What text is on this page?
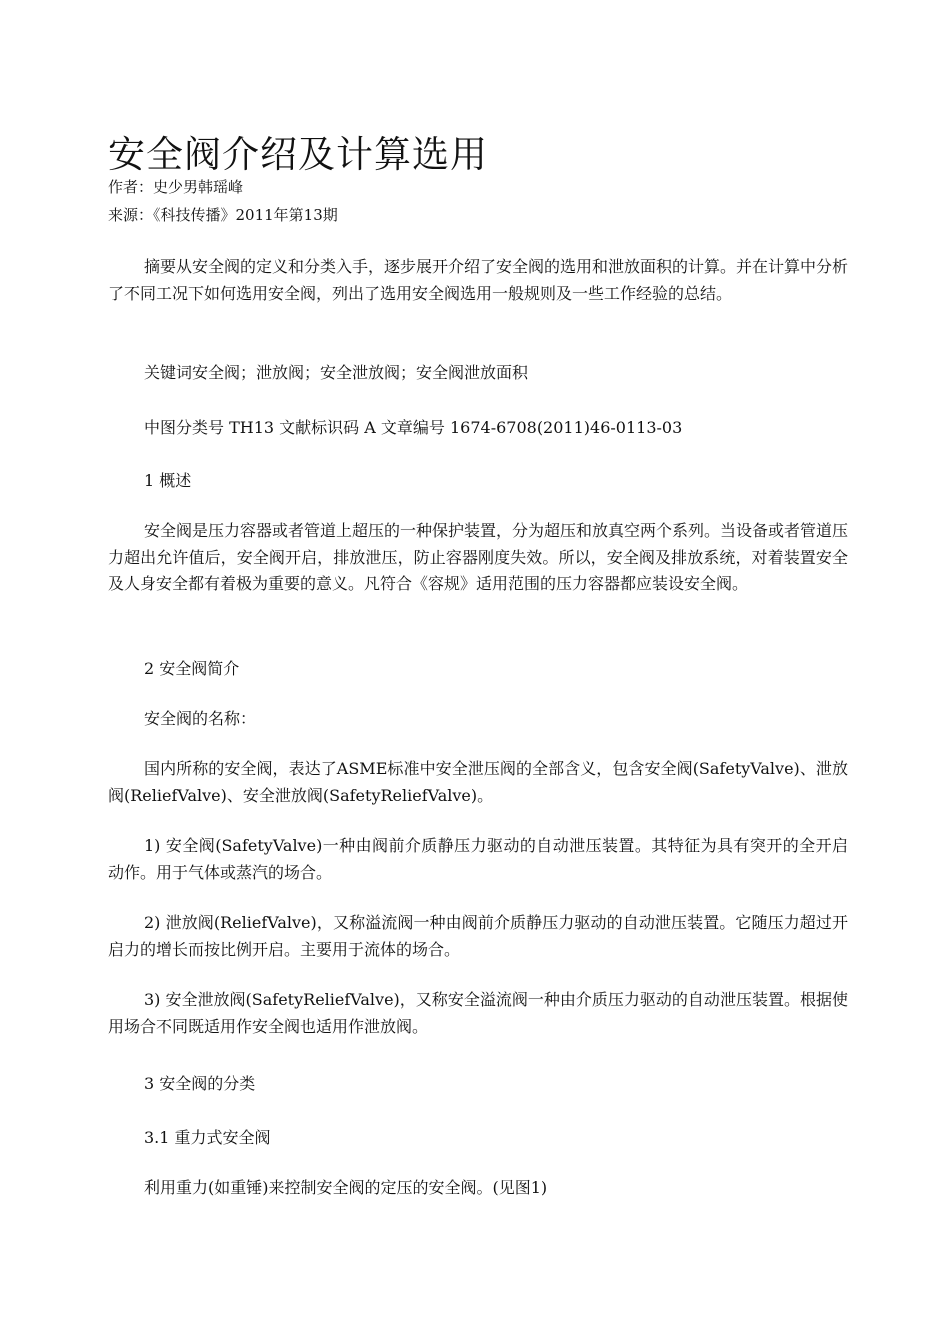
安全阀介绍及计算选用
作者：史少男韩瑶峰
来源：《科技传播》2011年第13期

摘要从安全阀的定义和分类入手，逐步展开介绍了安全阀的选用和泄放面积的计算。并在计算中分析了不同工况下如何选用安全阀，列出了选用安全阀选用一般规则及一些工作经验的总结。

关键词安全阀；泄放阀；安全泄放阀；安全阀泄放面积

中图分类号 TH13 文献标识码 A 文章编号 1674-6708(2011)46-0113-03

1 概述

安全阀是压力容器或者管道上超压的一种保护装置，分为超压和放真空两个系列。当设备或者管道压力超出允许值后，安全阀开启，排放泄压，防止容器刚度失效。所以，安全阀及排放系统，对着装置安全及人身安全都有着极为重要的意义。凡符合《容规》适用范围的压力容器都应装设安全阀。

2 安全阀简介

安全阀的名称：

国内所称的安全阀，表达了ASME标准中安全泄压阀的全部含义，包含安全阀(SafetyValve)、泄放阀(ReliefValve)、安全泄放阀(SafetyReliefValve)。

1) 安全阀(SafetyValve)一种由阀前介质静压力驱动的自动泄压装置。其特征为具有突开的全开启动作。用于气体或蒸汽的场合。

2) 泄放阀(ReliefValve)，又称溢流阀一种由阀前介质静压力驱动的自动泄压装置。它随压力超过开启力的增长而按比例开启。主要用于流体的场合。

3) 安全泄放阀(SafetyReliefValve)，又称安全溢流阀一种由介质压力驱动的自动泄压装置。根据使用场合不同既适用作安全阀也适用作泄放阀。

3 安全阀的分类

3.1 重力式安全阀

利用重力(如重锤)来控制安全阀的定压的安全阀。(见图1)
